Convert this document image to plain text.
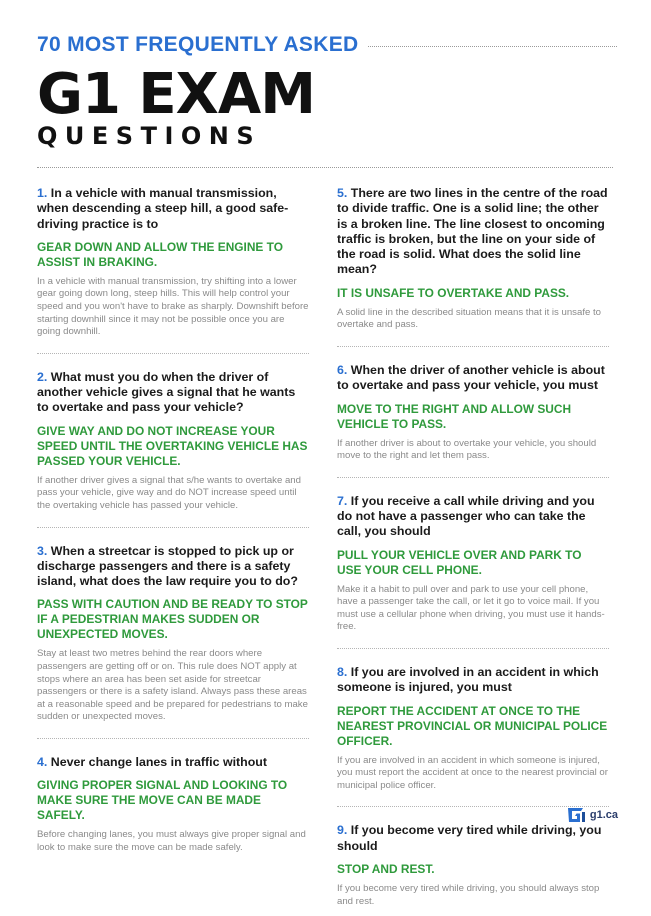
70 MOST FREQUENTLY ASKED
G1 EXAM
QUESTIONS
1. In a vehicle with manual transmission, when descending a steep hill, a good safe-driving practice is to
GEAR DOWN AND ALLOW THE ENGINE TO ASSIST IN BRAKING.
In a vehicle with manual transmission, try shifting into a lower gear going down long, steep hills. This will help control your speed and you won't have to brake as sharply. Downshift before starting downhill since it may not be possible once you are going downhill.
2. What must you do when the driver of another vehicle gives a signal that he wants to overtake and pass your vehicle?
GIVE WAY AND DO NOT INCREASE YOUR SPEED UNTIL THE OVERTAKING VEHICLE HAS PASSED YOUR VEHICLE.
If another driver gives a signal that s/he wants to overtake and pass your vehicle, give way and do NOT increase speed until the overtaking vehicle has passed your vehicle.
3. When a streetcar is stopped to pick up or discharge passengers and there is a safety island, what does the law require you to do?
PASS WITH CAUTION AND BE READY TO STOP IF A PEDESTRIAN MAKES SUDDEN OR UNEXPECTED MOVES.
Stay at least two metres behind the rear doors where passengers are getting off or on. This rule does NOT apply at stops where an area has been set aside for streetcar passengers or there is a safety island. Always pass these areas at a reasonable speed and be prepared for pedestrians to make sudden or unexpected moves.
4. Never change lanes in traffic without
GIVING PROPER SIGNAL AND LOOKING TO MAKE SURE THE MOVE CAN BE MADE SAFELY.
Before changing lanes, you must always give proper signal and look to make sure the move can be made safely.
5. There are two lines in the centre of the road to divide traffic. One is a solid line; the other is a broken line. The line closest to oncoming traffic is broken, but the line on your side of the road is solid. What does the solid line mean?
IT IS UNSAFE TO OVERTAKE AND PASS.
A solid line in the described situation means that it is unsafe to overtake and pass.
6. When the driver of another vehicle is about to overtake and pass your vehicle, you must
MOVE TO THE RIGHT AND ALLOW SUCH VEHICLE TO PASS.
If another driver is about to overtake your vehicle, you should move to the right and let them pass.
7. If you receive a call while driving and you do not have a passenger who can take the call, you should
PULL YOUR VEHICLE OVER AND PARK TO USE YOUR CELL PHONE.
Make it a habit to pull over and park to use your cell phone, have a passenger take the call, or let it go to voice mail. If you must use a cellular phone when driving, you must use it hands-free.
8. If you are involved in an accident in which someone is injured, you must
REPORT THE ACCIDENT AT ONCE TO THE NEAREST PROVINCIAL OR MUNICIPAL POLICE OFFICER.
If you are involved in an accident in which someone is injured, you must report the accident at once to the nearest provincial or municipal police officer.
9. If you become very tired while driving, you should
STOP AND REST.
If you become very tired while driving, you should always stop and rest.
g1.ca
